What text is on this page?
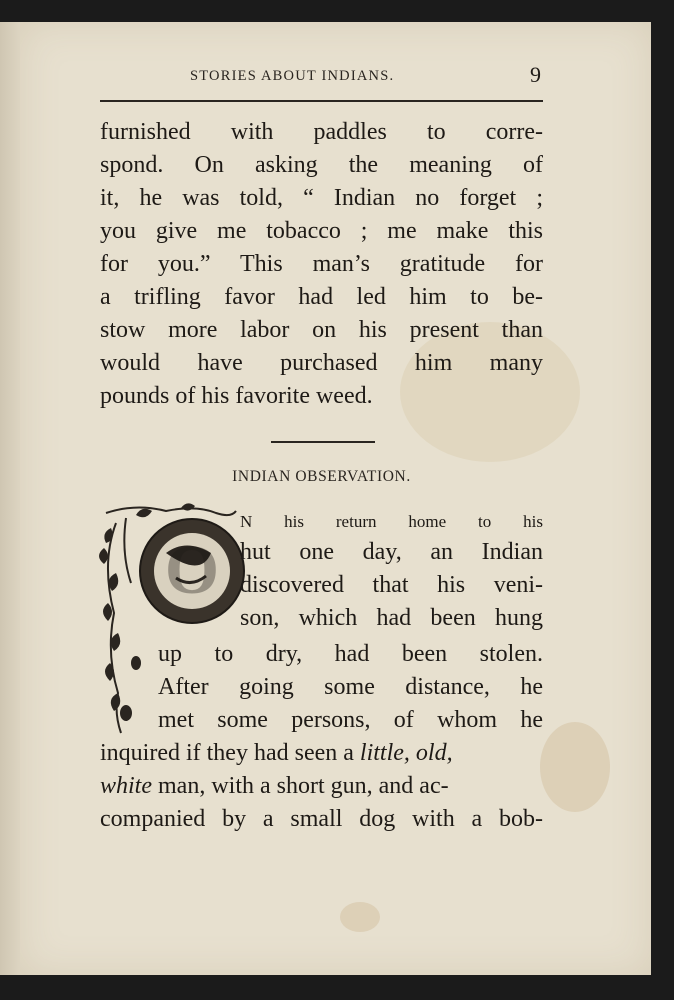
STORIES ABOUT INDIANS.	9
furnished with paddles to corre-
spond. On asking the meaning of
it, he was told, “ Indian no forget ;
you give me tobacco ; me make this
for you.” This man’s gratitude for
a trifling favor had led him to be-
stow more labor on his present than
would have purchased him many
pounds of his favorite weed.
INDIAN OBSERVATION.
O
N his return home to his
hut one day, an Indian
discovered that his veni-
son, which had been hung
up to dry, had been stolen.
After going some distance, he
met some persons, of whom he
inquired if they had seen a little, old,
white man, with a short gun, and ac-
companied by a small dog with a bob-
